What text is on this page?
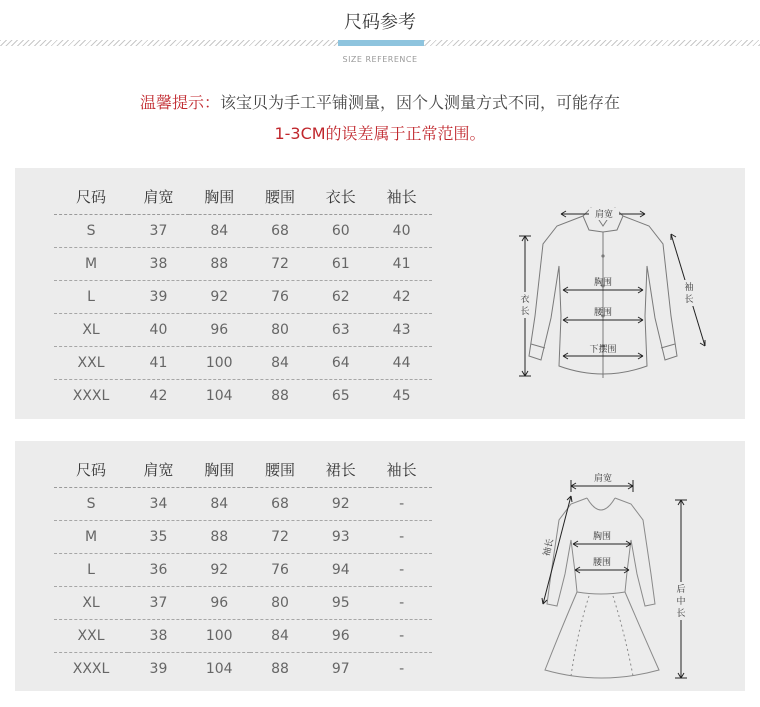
尺码参考
SIZE REFERENCE
温馨提示：该宝贝为手工平铺测量，因个人测量方式不同，可能存在
1-3CM的误差属于正常范围。
尺码	肩宽	胸围	腰围	衣长	袖长
S	37	84	68	60	40
M	38	88	72	61	41
L	39	92	76	62	42
XL	40	96	80	63	43
XXL	41	100	84	64	44
XXXL	42	104	88	65	45
肩宽
胸围
腰围
下摆围
衣
长
袖
长
尺码	肩宽	胸围	腰围	裙长	袖长
S	34	84	68	92	-
M	35	88	72	93	-
L	36	92	76	94	-
XL	37	96	80	95	-
XXL	38	100	84	96	-
XXXL	39	104	88	97	-
肩宽
胸围
腰围
袖长
后
中
长
